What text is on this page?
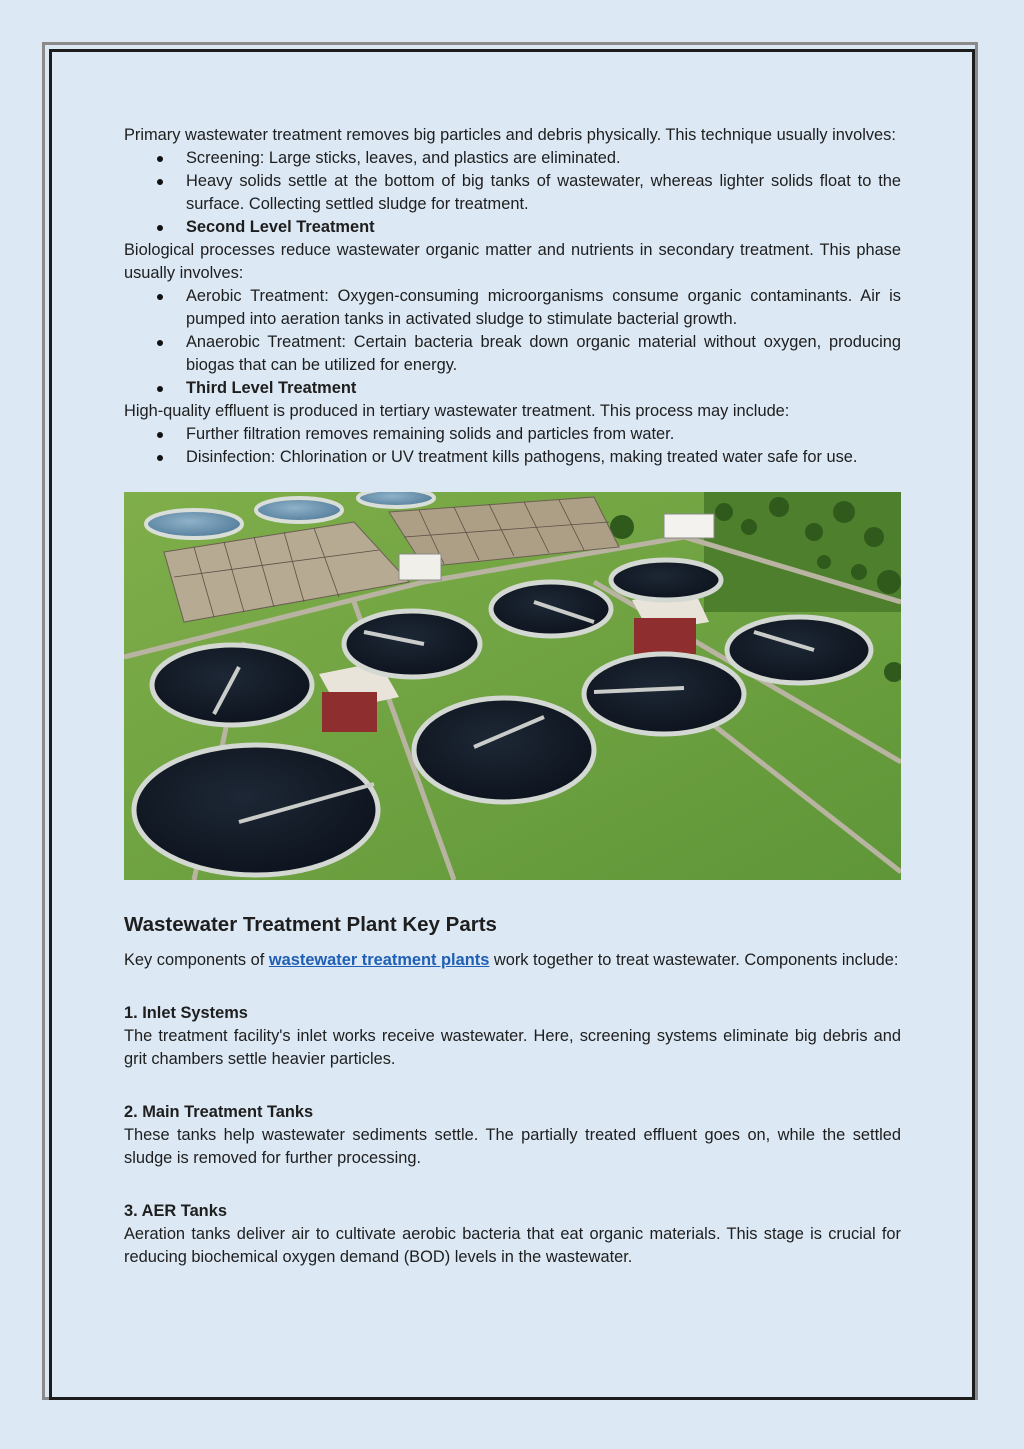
Primary wastewater treatment removes big particles and debris physically. This technique usually involves:

Screening: Large sticks, leaves, and plastics are eliminated.
Heavy solids settle at the bottom of big tanks of wastewater, whereas lighter solids float to the surface. Collecting settled sludge for treatment.
Second Level Treatment

Biological processes reduce wastewater organic matter and nutrients in secondary treatment. This phase usually involves:

Aerobic Treatment: Oxygen-consuming microorganisms consume organic contaminants. Air is pumped into aeration tanks in activated sludge to stimulate bacterial growth.
Anaerobic Treatment: Certain bacteria break down organic material without oxygen, producing biogas that can be utilized for energy.
Third Level Treatment

High-quality effluent is produced in tertiary wastewater treatment. This process may include:

Further filtration removes remaining solids and particles from water.
Disinfection: Chlorination or UV treatment kills pathogens, making treated water safe for use.
Wastewater Treatment Plant Key Parts

Key components of wastewater treatment plants work together to treat wastewater. Components include:

1. Inlet Systems

The treatment facility's inlet works receive wastewater. Here, screening systems eliminate big debris and grit chambers settle heavier particles.

2. Main Treatment Tanks

These tanks help wastewater sediments settle. The partially treated effluent goes on, while the settled sludge is removed for further processing.

3. AER Tanks

Aeration tanks deliver air to cultivate aerobic bacteria that eat organic materials. This stage is crucial for reducing biochemical oxygen demand (BOD) levels in the wastewater.
